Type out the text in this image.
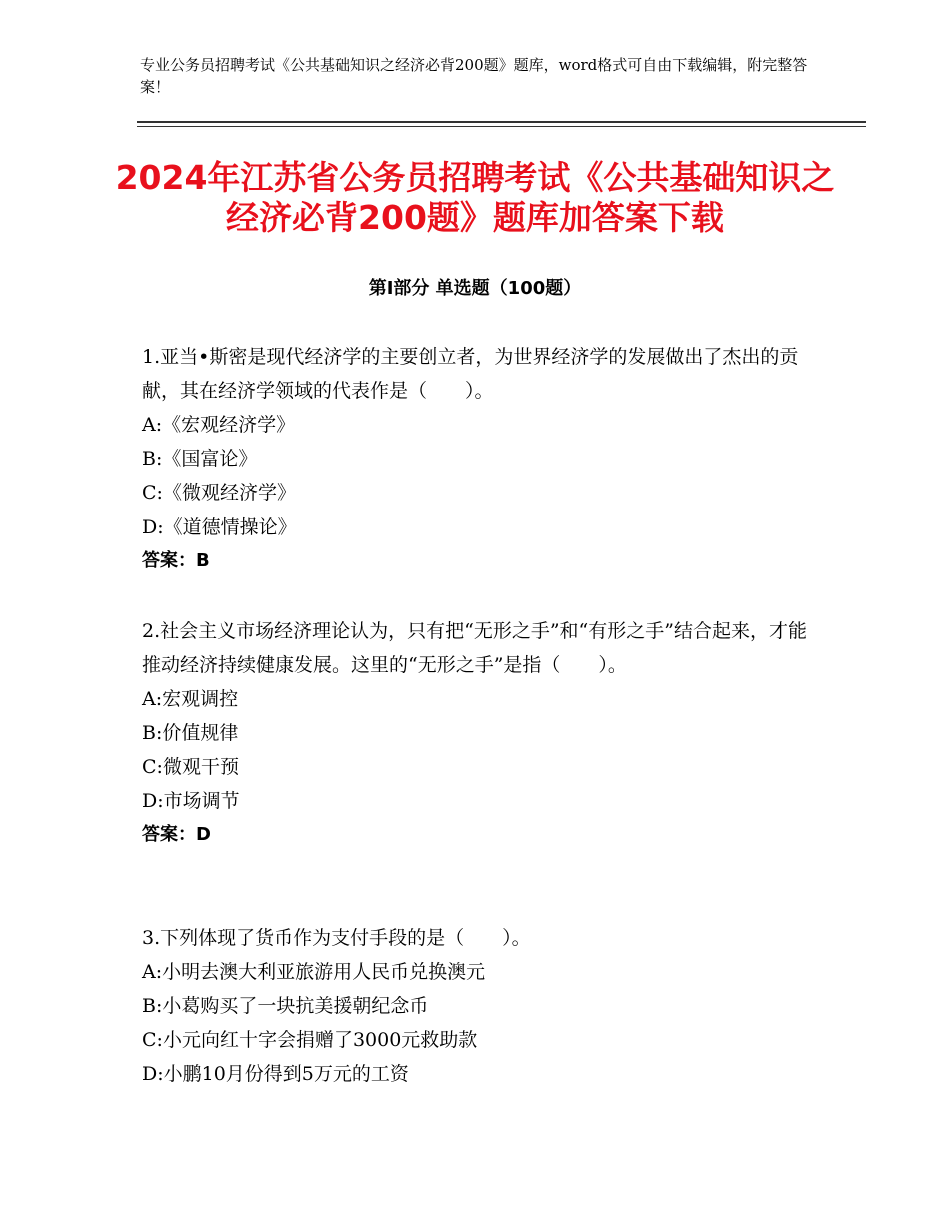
专业公务员招聘考试《公共基础知识之经济必背200题》题库，word格式可自由下载编辑，附完整答案！
2024年江苏省公务员招聘考试《公共基础知识之经济必背200题》题库加答案下载
第Ⅰ部分 单选题（100题）

1.亚当•斯密是现代经济学的主要创立者，为世界经济学的发展做出了杰出的贡献，其在经济学领域的代表作是（　　）。

A:《宏观经济学》

B:《国富论》

C:《微观经济学》

D:《道德情操论》

答案：B

2.社会主义市场经济理论认为，只有把“无形之手”和“有形之手”结合起来，才能推动经济持续健康发展。这里的“无形之手”是指（　　）。

A:宏观调控

B:价值规律

C:微观干预

D:市场调节

答案：D

3.下列体现了货币作为支付手段的是（　　）。

A:小明去澳大利亚旅游用人民币兑换澳元

B:小葛购买了一块抗美援朝纪念币

C:小元向红十字会捐赠了3000元救助款

D:小鹏10月份得到5万元的工资
